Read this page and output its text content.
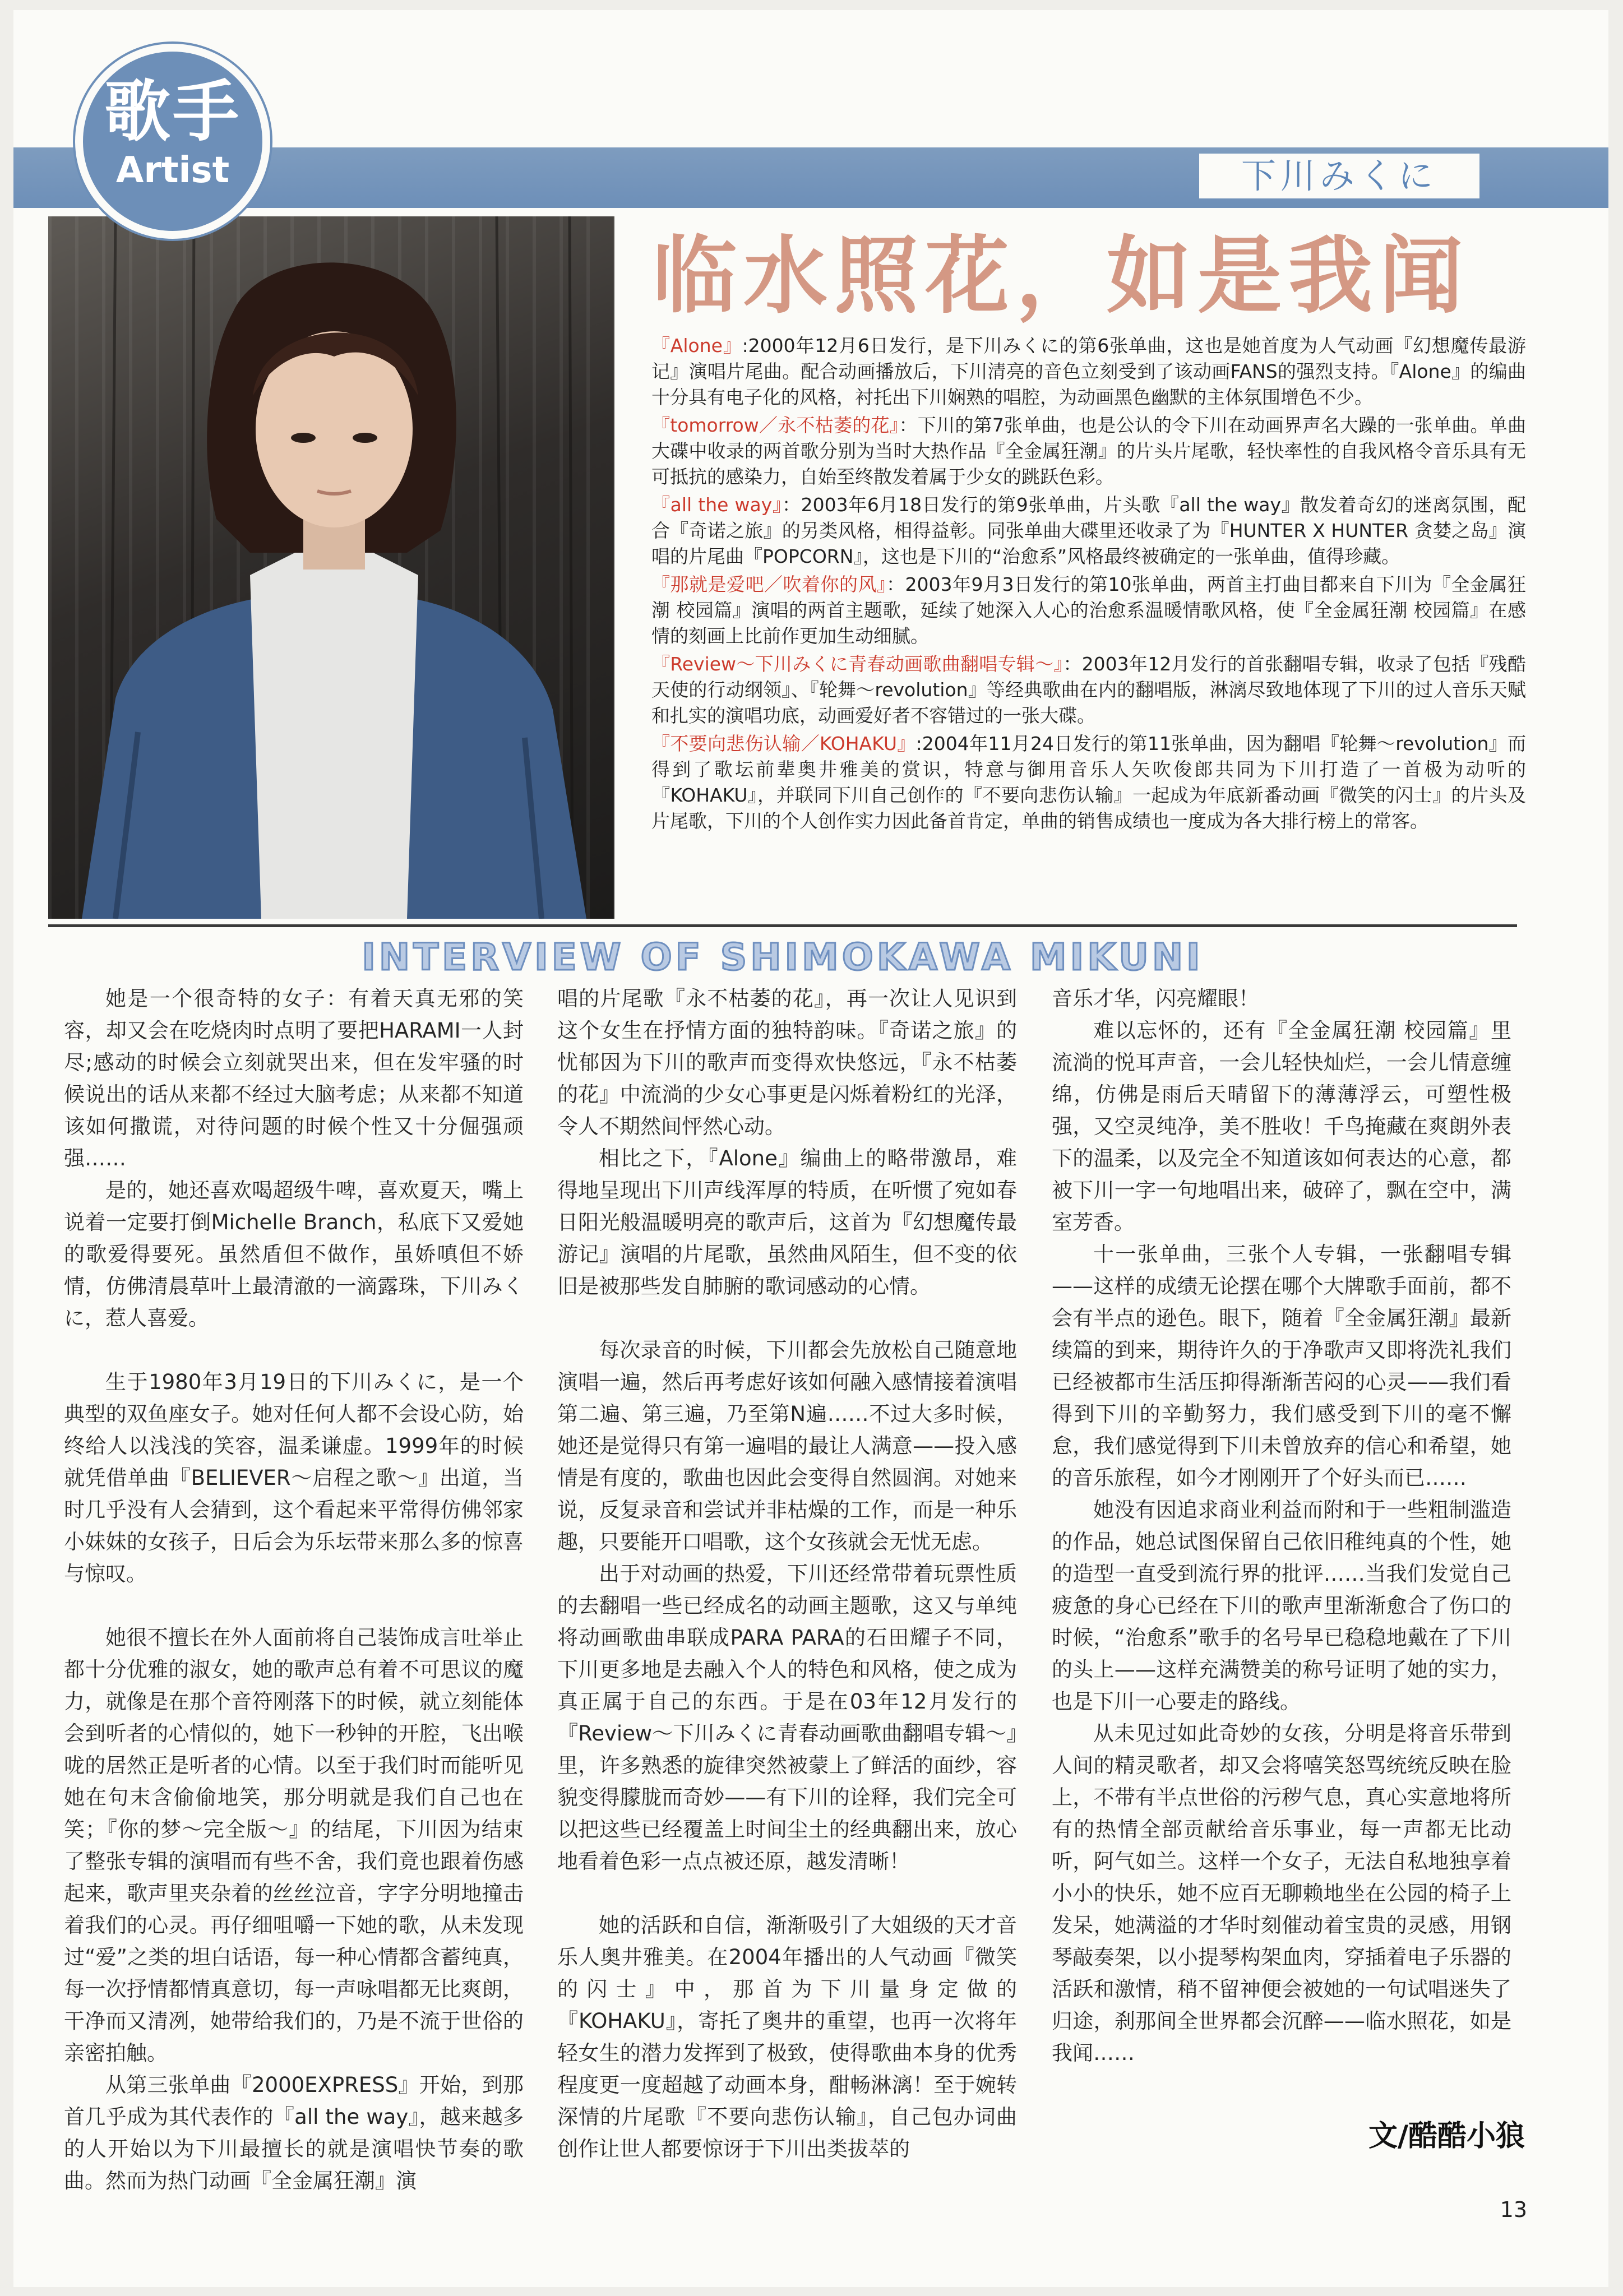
下川みくに
歌手
Artist
临水照花，如是我闻

『Alone』:2000年12月6日发行，是下川みくに的第6张单曲，这也是她首度为人气动画『幻想魔传最游记』演唱片尾曲。配合动画播放后，下川清亮的音色立刻受到了该动画FANS的强烈支持。『Alone』的编曲十分具有电子化的风格，衬托出下川娴熟的唱腔，为动画黑色幽默的主体氛围增色不少。

『tomorrow／永不枯萎的花』：下川的第7张单曲，也是公认的令下川在动画界声名大躁的一张单曲。单曲大碟中收录的两首歌分别为当时大热作品『全金属狂潮』的片头片尾歌，轻快率性的自我风格令音乐具有无可抵抗的感染力，自始至终散发着属于少女的跳跃色彩。

『all the way』：2003年6月18日发行的第9张单曲，片头歌『all the way』散发着奇幻的迷离氛围，配合『奇诺之旅』的另类风格，相得益彰。同张单曲大碟里还收录了为『HUNTER X HUNTER 贪婪之岛』演唱的片尾曲『POPCORN』，这也是下川的“治愈系”风格最终被确定的一张单曲，值得珍藏。

『那就是爱吧／吹着你的风』：2003年9月3日发行的第10张单曲，两首主打曲目都来自下川为『全金属狂潮 校园篇』演唱的两首主题歌，延续了她深入人心的治愈系温暖情歌风格，使『全金属狂潮 校园篇』在感情的刻画上比前作更加生动细腻。

『Review～下川みくに青春动画歌曲翻唱专辑～』：2003年12月发行的首张翻唱专辑，收录了包括『残酷天使的行动纲领』、『轮舞～revolution』等经典歌曲在内的翻唱版，淋漓尽致地体现了下川的过人音乐天赋和扎实的演唱功底，动画爱好者不容错过的一张大碟。

『不要向悲伤认输／KOHAKU』:2004年11月24日发行的第11张单曲，因为翻唱『轮舞～revolution』而得到了歌坛前辈奥井雅美的赏识，特意与御用音乐人矢吹俊郎共同为下川打造了一首极为动听的『KOHAKU』，并联同下川自己创作的『不要向悲伤认输』一起成为年底新番动画『微笑的闪士』的片头及片尾歌，下川的个人创作实力因此备首肯定，单曲的销售成绩也一度成为各大排行榜上的常客。

INTERVIEW OF SHIMOKAWA MIKUNI

她是一个很奇特的女子：有着天真无邪的笑容，却又会在吃烧肉时点明了要把HARAMI一人封尽;感动的时候会立刻就哭出来，但在发牢骚的时候说出的话从来都不经过大脑考虑；从来都不知道该如何撒谎，对待问题的时候个性又十分倔强顽强……

是的，她还喜欢喝超级牛啤，喜欢夏天，嘴上说着一定要打倒Michelle Branch，私底下又爱她的歌爱得要死。虽然盾但不做作，虽娇嗔但不娇情，仿佛清晨草叶上最清澈的一滴露珠，下川みくに，惹人喜爱。

生于1980年3月19日的下川みくに，是一个典型的双鱼座女子。她对任何人都不会设心防，始终给人以浅浅的笑容，温柔谦虚。1999年的时候就凭借单曲『BELIEVER～启程之歌～』出道，当时几乎没有人会猜到，这个看起来平常得仿佛邻家小妹妹的女孩子，日后会为乐坛带来那么多的惊喜与惊叹。

她很不擅长在外人面前将自己装饰成言吐举止都十分优雅的淑女，她的歌声总有着不可思议的魔力，就像是在那个音符刚落下的时候，就立刻能体会到听者的心情似的，她下一秒钟的开腔，飞出喉咙的居然正是听者的心情。以至于我们时而能听见她在句末含偷偷地笑，那分明就是我们自己也在笑；『你的梦～完全版～』的结尾，下川因为结束了整张专辑的演唱而有些不舍，我们竟也跟着伤感起来，歌声里夹杂着的丝丝泣音，字字分明地撞击着我们的心灵。再仔细咀嚼一下她的歌，从未发现过“爱”之类的坦白话语，每一种心情都含蓄纯真，每一次抒情都情真意切，每一声咏唱都无比爽朗，干净而又清冽，她带给我们的，乃是不流于世俗的亲密拍触。

从第三张单曲『2000EXPRESS』开始，到那首几乎成为其代表作的『all the way』，越来越多的人开始以为下川最擅长的就是演唱快节奏的歌曲。然而为热门动画『全金属狂潮』演

唱的片尾歌『永不枯萎的花』，再一次让人见识到这个女生在抒情方面的独特韵味。『奇诺之旅』的忧郁因为下川的歌声而变得欢快悠远，『永不枯萎的花』中流淌的少女心事更是闪烁着粉红的光泽，令人不期然间怦然心动。

相比之下，『Alone』编曲上的略带激昂，难得地呈现出下川声线浑厚的特质，在听惯了宛如春日阳光般温暖明亮的歌声后，这首为『幻想魔传最游记』演唱的片尾歌，虽然曲风陌生，但不变的依旧是被那些发自肺腑的歌词感动的心情。

每次录音的时候，下川都会先放松自己随意地演唱一遍，然后再考虑好该如何融入感情接着演唱第二遍、第三遍，乃至第N遍……不过大多时候，她还是觉得只有第一遍唱的最让人满意——投入感情是有度的，歌曲也因此会变得自然圆润。对她来说，反复录音和尝试并非枯燥的工作，而是一种乐趣，只要能开口唱歌，这个女孩就会无忧无虑。

出于对动画的热爱，下川还经常带着玩票性质的去翻唱一些已经成名的动画主题歌，这又与单纯将动画歌曲串联成PARA PARA的石田耀子不同，下川更多地是去融入个人的特色和风格，使之成为真正属于自己的东西。于是在03年12月发行的『Review～下川みくに青春动画歌曲翻唱专辑～』里，许多熟悉的旋律突然被蒙上了鲜活的面纱，容貌变得朦胧而奇妙——有下川的诠释，我们完全可以把这些已经覆盖上时间尘土的经典翻出来，放心地看着色彩一点点被还原，越发清晰！

她的活跃和自信，渐渐吸引了大姐级的天才音乐人奥井雅美。在2004年播出的人气动画『微笑的闪士』中，那首为下川量身定做的『KOHAKU』，寄托了奥井的重望，也再一次将年轻女生的潜力发挥到了极致，使得歌曲本身的优秀程度更一度超越了动画本身，酣畅淋漓！至于婉转深情的片尾歌『不要向悲伤认输』，自己包办词曲创作让世人都要惊讶于下川出类拔萃的

音乐才华，闪亮耀眼！

难以忘怀的，还有『全金属狂潮 校园篇』里流淌的悦耳声音，一会儿轻快灿烂，一会儿情意缠绵，仿佛是雨后天晴留下的薄薄浮云，可塑性极强，又空灵纯净，美不胜收！千鸟掩藏在爽朗外表下的温柔，以及完全不知道该如何表达的心意，都被下川一字一句地唱出来，破碎了，飘在空中，满室芳香。

十一张单曲，三张个人专辑，一张翻唱专辑——这样的成绩无论摆在哪个大牌歌手面前，都不会有半点的逊色。眼下，随着『全金属狂潮』最新续篇的到来，期待许久的于净歌声又即将洗礼我们已经被都市生活压抑得渐渐苦闷的心灵——我们看得到下川的辛勤努力，我们感受到下川的毫不懈怠，我们感觉得到下川未曾放弃的信心和希望，她的音乐旅程，如今才刚刚开了个好头而已……

她没有因追求商业利益而附和于一些粗制滥造的作品，她总试图保留自己依旧稚纯真的个性，她的造型一直受到流行界的批评……当我们发觉自己疲惫的身心已经在下川的歌声里渐渐愈合了伤口的时候，“治愈系”歌手的名号早已稳稳地戴在了下川的头上——这样充满赞美的称号证明了她的实力，也是下川一心要走的路线。

从未见过如此奇妙的女孩，分明是将音乐带到人间的精灵歌者，却又会将嘻笑怒骂统统反映在脸上，不带有半点世俗的污秽气息，真心实意地将所有的热情全部贡献给音乐事业，每一声都无比动听，阿气如兰。这样一个女子，无法自私地独享着小小的快乐，她不应百无聊赖地坐在公园的椅子上发呆，她满溢的才华时刻催动着宝贵的灵感，用钢琴敲奏架，以小提琴构架血肉，穿插着电子乐器的活跃和激情，稍不留神便会被她的一句试唱迷失了归途，刹那间全世界都会沉醉——临水照花，如是我闻……

文/酷酷小狼
13
